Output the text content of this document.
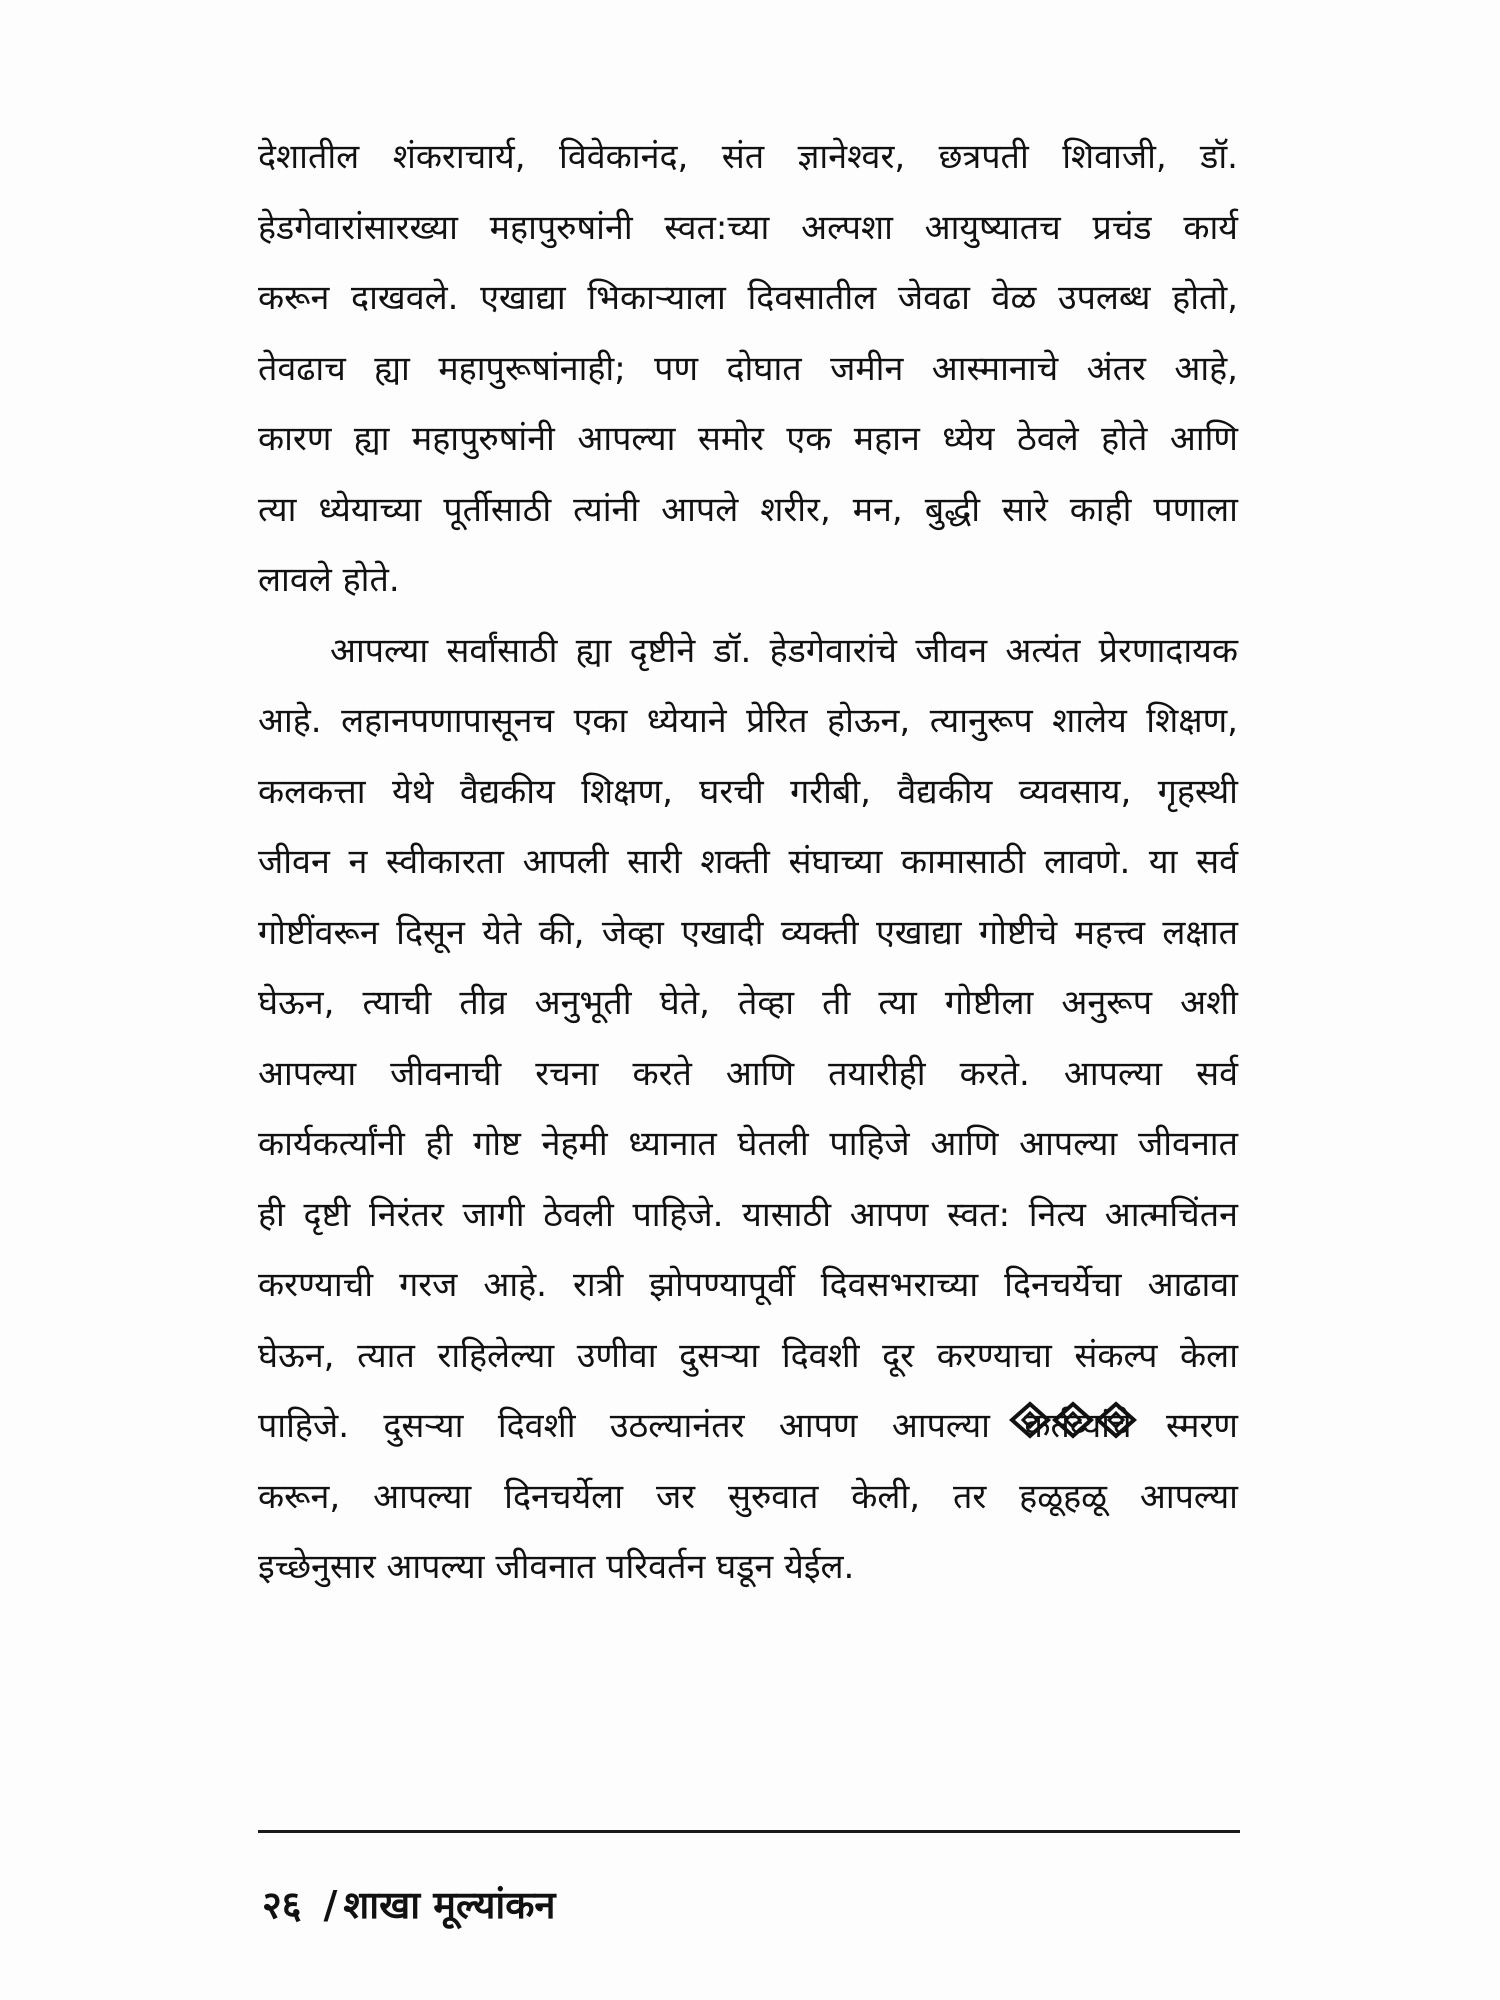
देशातील शंकराचार्य, विवेकानंद, संत ज्ञानेश्वर, छत्रपती शिवाजी, डॉ.
हेडगेवारांसारख्या महापुरुषांनी स्वत:च्या अल्पशा आयुष्यातच प्रचंड कार्य
करून दाखवले. एखाद्या भिकाऱ्याला दिवसातील जेवढा वेळ उपलब्ध होतो,
तेवढाच ह्या महापुरूषांनाही; पण दोघात जमीन आस्मानाचे अंतर आहे,
कारण ह्या महापुरुषांनी आपल्या समोर एक महान ध्येय ठेवले होते आणि
त्या ध्येयाच्या पूर्तीसाठी त्यांनी आपले शरीर, मन, बुद्धी सारे काही पणाला
लावले होते.
आपल्या सर्वांसाठी ह्या दृष्टीने डॉ. हेडगेवारांचे जीवन अत्यंत प्रेरणादायक
आहे. लहानपणापासूनच एका ध्येयाने प्रेरित होऊन, त्यानुरूप शालेय शिक्षण,
कलकत्ता येथे वैद्यकीय शिक्षण, घरची गरीबी, वैद्यकीय व्यवसाय, गृहस्थी
जीवन न स्वीकारता आपली सारी शक्ती संघाच्या कामासाठी लावणे. या सर्व
गोष्टींवरून दिसून येते की, जेव्हा एखादी व्यक्ती एखाद्या गोष्टीचे महत्त्व लक्षात
घेऊन, त्याची तीव्र अनुभूती घेते, तेव्हा ती त्या गोष्टीला अनुरूप अशी
आपल्या जीवनाची रचना करते आणि तयारीही करते. आपल्या सर्व
कार्यकर्त्यांनी ही गोष्ट नेहमी ध्यानात घेतली पाहिजे आणि आपल्या जीवनात
ही दृष्टी निरंतर जागी ठेवली पाहिजे. यासाठी आपण स्वत: नित्य आत्मचिंतन
करण्याची गरज आहे. रात्री झोपण्यापूर्वी दिवसभराच्या दिनचर्येचा आढावा
घेऊन, त्यात राहिलेल्या उणीवा दुसऱ्या दिवशी दूर करण्याचा संकल्प केला
पाहिजे. दुसऱ्या दिवशी उठल्यानंतर आपण आपल्या कर्तव्यांचे स्मरण
करून, आपल्या दिनचर्येला जर सुरुवात केली, तर हळूहळू आपल्या
इच्छेनुसार आपल्या जीवनात परिवर्तन घडून येईल.
२६ / शाखा मूल्यांकन
